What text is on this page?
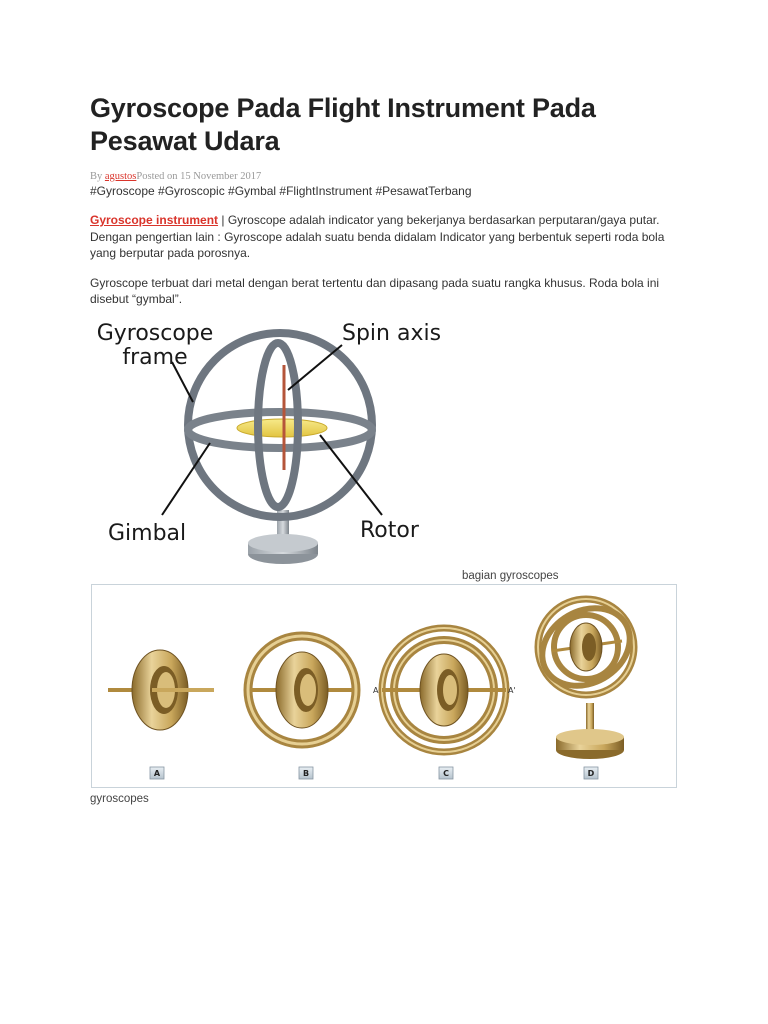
Gyroscope Pada Flight Instrument Pada Pesawat Udara
By agustosPosted on 15 November 2017
#Gyroscope #Gyroscopic #Gymbal #FlightInstrument #PesawatTerbang

Gyroscope instrument | Gyroscope adalah indicator yang bekerjanya berdasarkan perputaran/gaya putar. Dengan pengertian lain : Gyroscope adalah suatu benda didalam Indicator yang berbentuk seperti roda bola yang berputar pada porosnya.

Gyroscope terbuat dari metal dengan berat tertentu dan dipasang pada suatu rangka khusus. Roda bola ini disebut “gymbal”.

Gyroscope
frame
Spin axis
Gimbal	Rotor
bagian gyroscopes
A	A'
A	B	C	D
gyroscopes
